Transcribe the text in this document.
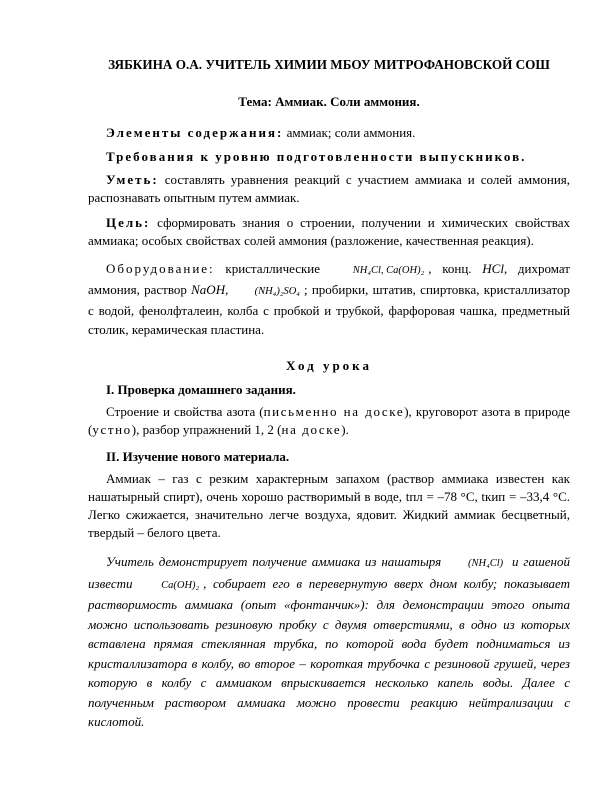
ЗЯБКИНА О.А. УЧИТЕЛЬ ХИМИИ МБОУ МИТРОФАНОВСКОЙ СОШ
Тема: Аммиак. Соли аммония.
Элементы содержания: аммиак; соли аммония.
Требования к уровню подготовленности выпускников.
Уметь: составлять уравнения реакций с участием аммиака и солей аммония, распознавать опытным путем аммиак.
Цель: сформировать знания о строении, получении и химических свойствах аммиака; особых свойствах солей аммония (разложение, качественная реакция).
Оборудование: кристаллические NH₄Cl, Ca(OH)₂ , конц. HCl, дихромат аммония, раствор NaOH, (NH₄)₂SO₄ ; пробирки, штатив, спиртовка, кристаллизатор с водой, фенолфталеин, колба с пробкой и трубкой, фарфоровая чашка, предметный столик, керамическая пластина.
Ход урока
I. Проверка домашнего задания.
Строение и свойства азота (письменно на доске), круговорот азота в природе (устно), разбор упражнений 1, 2 (на доске).
II. Изучение нового материала.
Аммиак – газ с резким характерным запахом (раствор аммиака известен как нашатырный спирт), очень хорошо растворимый в воде, tпл = –78 °C, tкип = –33,4 °C. Легко сжижается, значительно легче воздуха, ядовит. Жидкий аммиак бесцветный, твердый – белого цвета.
Учитель демонстрирует получение аммиака из нашатыря (NH₄Cl) и гашеной извести Ca(OH)₂ , собирает его в перевернутую вверх дном колбу; показывает растворимость аммиака (опыт «фонтанчик»): для демонстрации этого опыта можно использовать резиновую пробку с двумя отверстиями, в одно из которых вставлена прямая стеклянная трубка, по которой вода будет подниматься из кристаллизатора в колбу, во второе – короткая трубочка с резиновой грушей, через которую в колбу с аммиаком впрыскивается несколько капель воды. Далее с полученным раствором аммиака можно провести реакцию нейтрализации с кислотой.
